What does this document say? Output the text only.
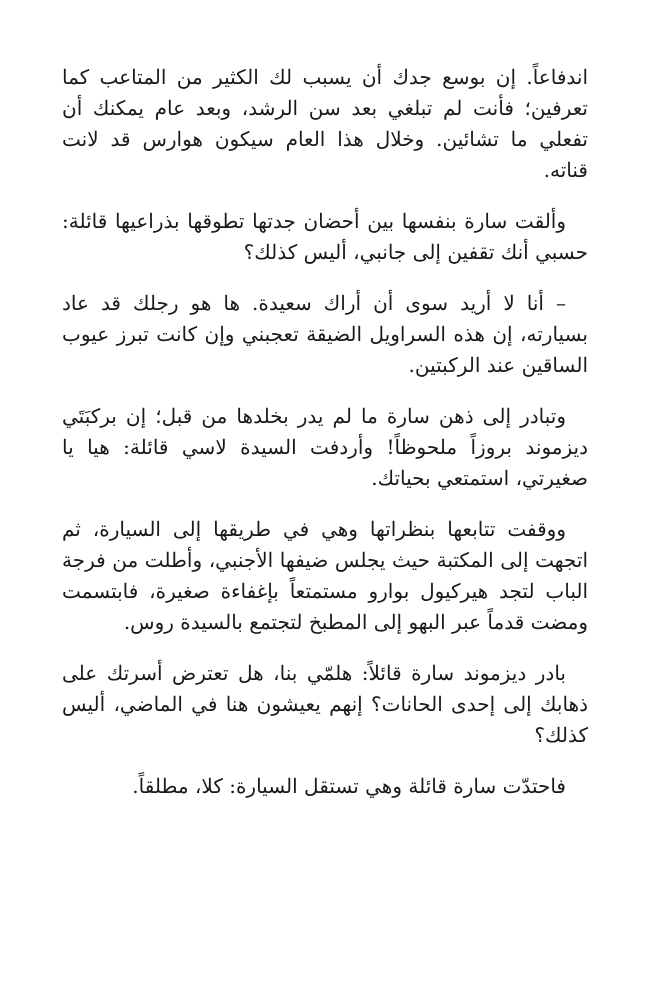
اندفاعاً. إن بوسع جدك أن يسبب لك الكثير من المتاعب كما تعرفين؛ فأنت لم تبلغي بعد سن الرشد، وبعد عام يمكنك أن تفعلي ما تشائين. وخلال هذا العام سيكون هوارس قد لانت قناته.

وألقت سارة بنفسها بين أحضان جدتها تطوقها بذراعيها قائلة: حسبي أنك تقفين إلى جانبي، أليس كذلك؟

– أنا لا أريد سوى أن أراك سعيدة. ها هو رجلك قد عاد بسيارته، إن هذه السراويل الضيقة تعجبني وإن كانت تبرز عيوب الساقين عند الركبتين.

وتبادر إلى ذهن سارة ما لم يدر بخلدها من قبل؛ إن بركبَتَي ديزموند بروزاً ملحوظاً! وأردفت السيدة لاسي قائلة: هيا يا صغيرتي، استمتعي بحياتك.

ووقفت تتابعها بنظراتها وهي في طريقها إلى السيارة، ثم اتجهت إلى المكتبة حيث يجلس ضيفها الأجنبي، وأطلت من فرجة الباب لتجد هيركيول بوارو مستمتعاً بإغفاءة صغيرة، فابتسمت ومضت قدماً عبر البهو إلى المطبخ لتجتمع بالسيدة روس.

بادر ديزموند سارة قائلاً: هلمّي بنا، هل تعترض أسرتك على ذهابك إلى إحدى الحانات؟ إنهم يعيشون هنا في الماضي، أليس كذلك؟

فاحتدّت سارة قائلة وهي تستقل السيارة: كلا، مطلقاً.
